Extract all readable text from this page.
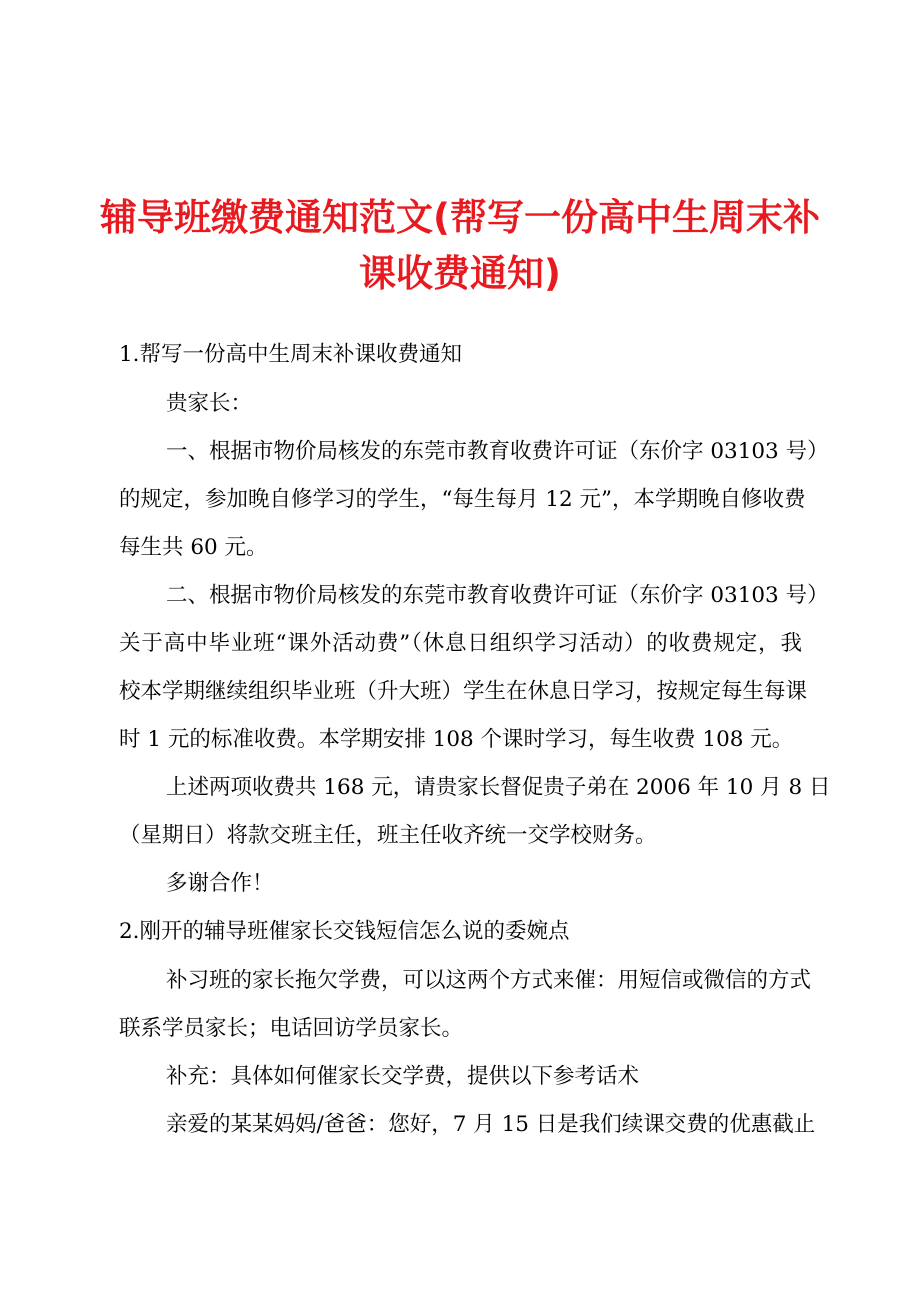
辅导班缴费通知范文(帮写一份高中生周末补
课收费通知)

1.帮写一份高中生周末补课收费通知

贵家长：

一、根据市物价局核发的东莞市教育收费许可证（东价字 03103 号）

的规定，参加晚自修学习的学生，“每生每月 12 元”，本学期晚自修收费

每生共 60 元。

二、根据市物价局核发的东莞市教育收费许可证（东价字 03103 号）

关于高中毕业班“课外活动费”（休息日组织学习活动）的收费规定，我

校本学期继续组织毕业班（升大班）学生在休息日学习，按规定每生每课

时 1 元的标准收费。本学期安排 108 个课时学习，每生收费 108 元。

上述两项收费共 168 元，请贵家长督促贵子弟在 2006 年 10 月 8 日

（星期日）将款交班主任，班主任收齐统一交学校财务。

多谢合作！

2.刚开的辅导班催家长交钱短信怎么说的委婉点

补习班的家长拖欠学费，可以这两个方式来催：用短信或微信的方式

联系学员家长；电话回访学员家长。

补充：具体如何催家长交学费，提供以下参考话术

亲爱的某某妈妈/爸爸：您好，7 月 15 日是我们续课交费的优惠截止
